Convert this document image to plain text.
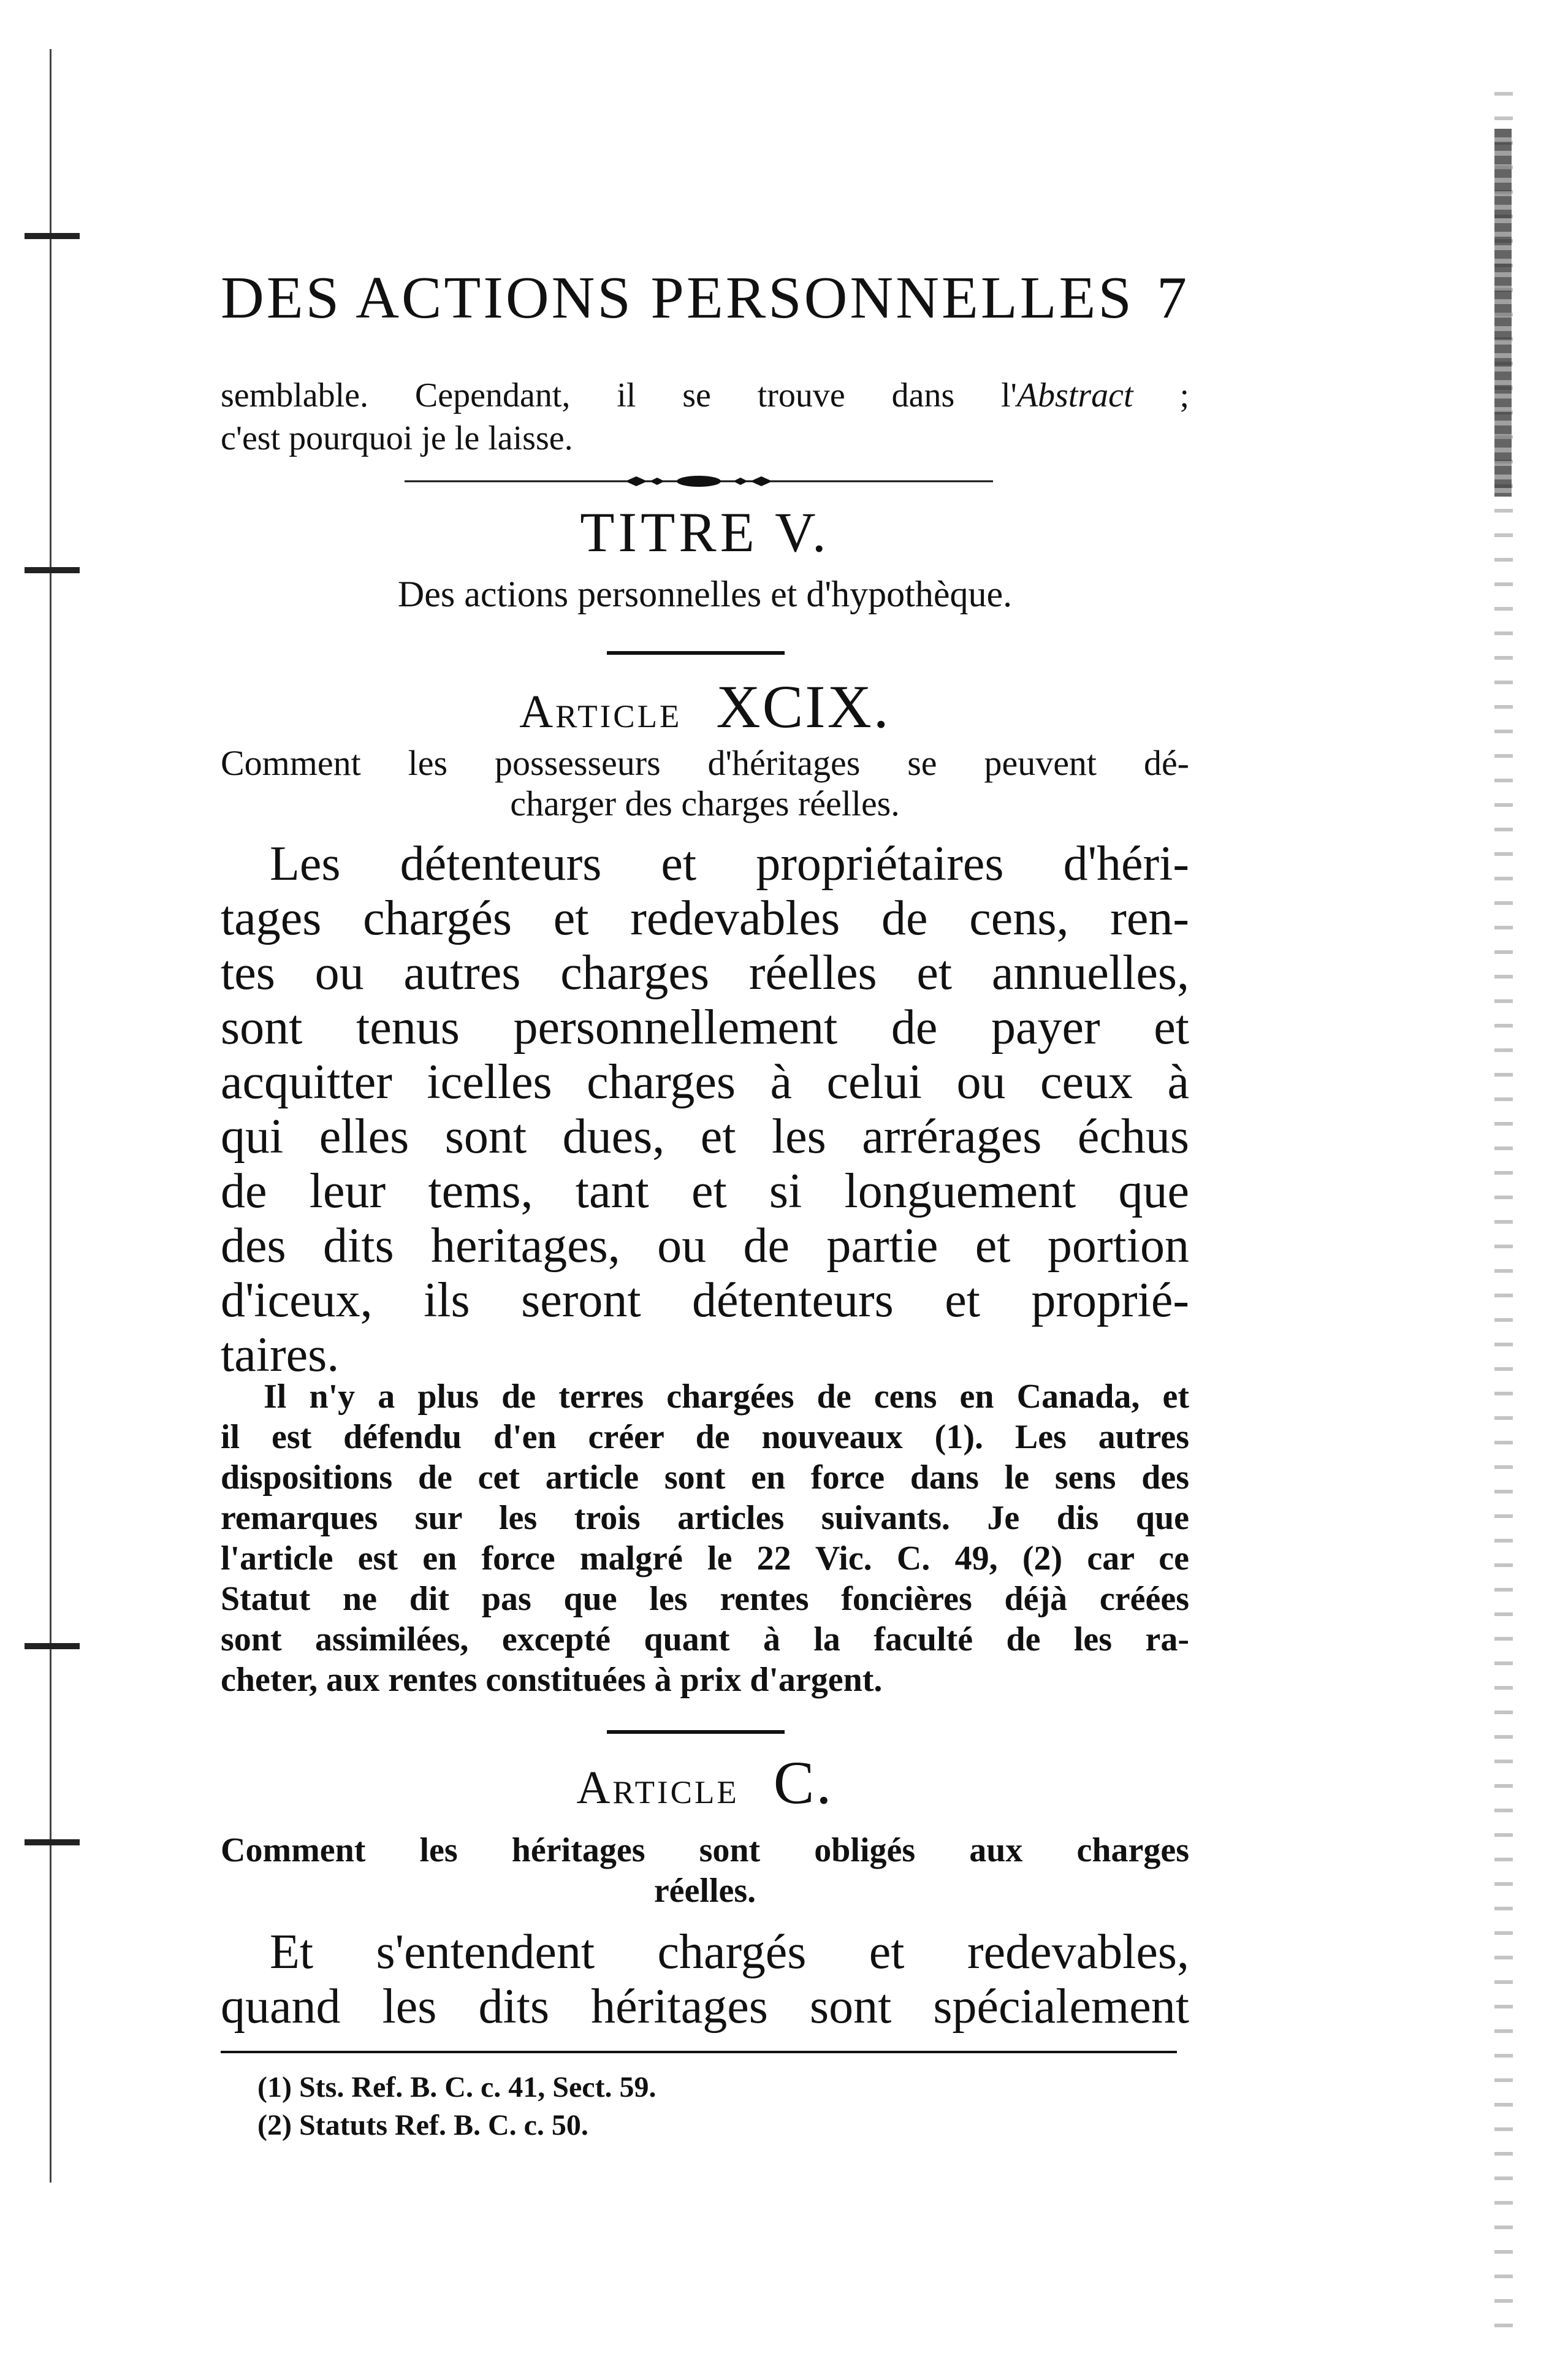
DES ACTIONS PERSONNELLES 7
semblable. Cependant, il se trouve dans l'Abstract ;
c'est pourquoi je le laisse.
TITRE V.
Des actions personnelles et d'hypothèque.
Article XCIX.
Comment les possesseurs d'héritages se peuvent dé-
charger des charges réelles.
Les détenteurs et propriétaires d'héri-
tages chargés et redevables de cens, ren-
tes ou autres charges réelles et annuelles,
sont tenus personnellement de payer et
acquitter icelles charges à celui ou ceux à
qui elles sont dues, et les arrérages échus
de leur tems, tant et si longuement que
des dits heritages, ou de partie et portion
d'iceux, ils seront détenteurs et proprié-
taires.
Il n'y a plus de terres chargées de cens en Canada, et
il est défendu d'en créer de nouveaux (1). Les autres
dispositions de cet article sont en force dans le sens des
remarques sur les trois articles suivants. Je dis que
l'article est en force malgré le 22 Vic. C. 49, (2) car ce
Statut ne dit pas que les rentes foncières déjà créées
sont assimilées, excepté quant à la faculté de les ra-
cheter, aux rentes constituées à prix d'argent.
Article C.
Comment les héritages sont obligés aux charges
réelles.
Et s'entendent chargés et redevables,
quand les dits héritages sont spécialement
(1) Sts. Ref. B. C. c. 41, Sect. 59.
(2) Statuts Ref. B. C. c. 50.
